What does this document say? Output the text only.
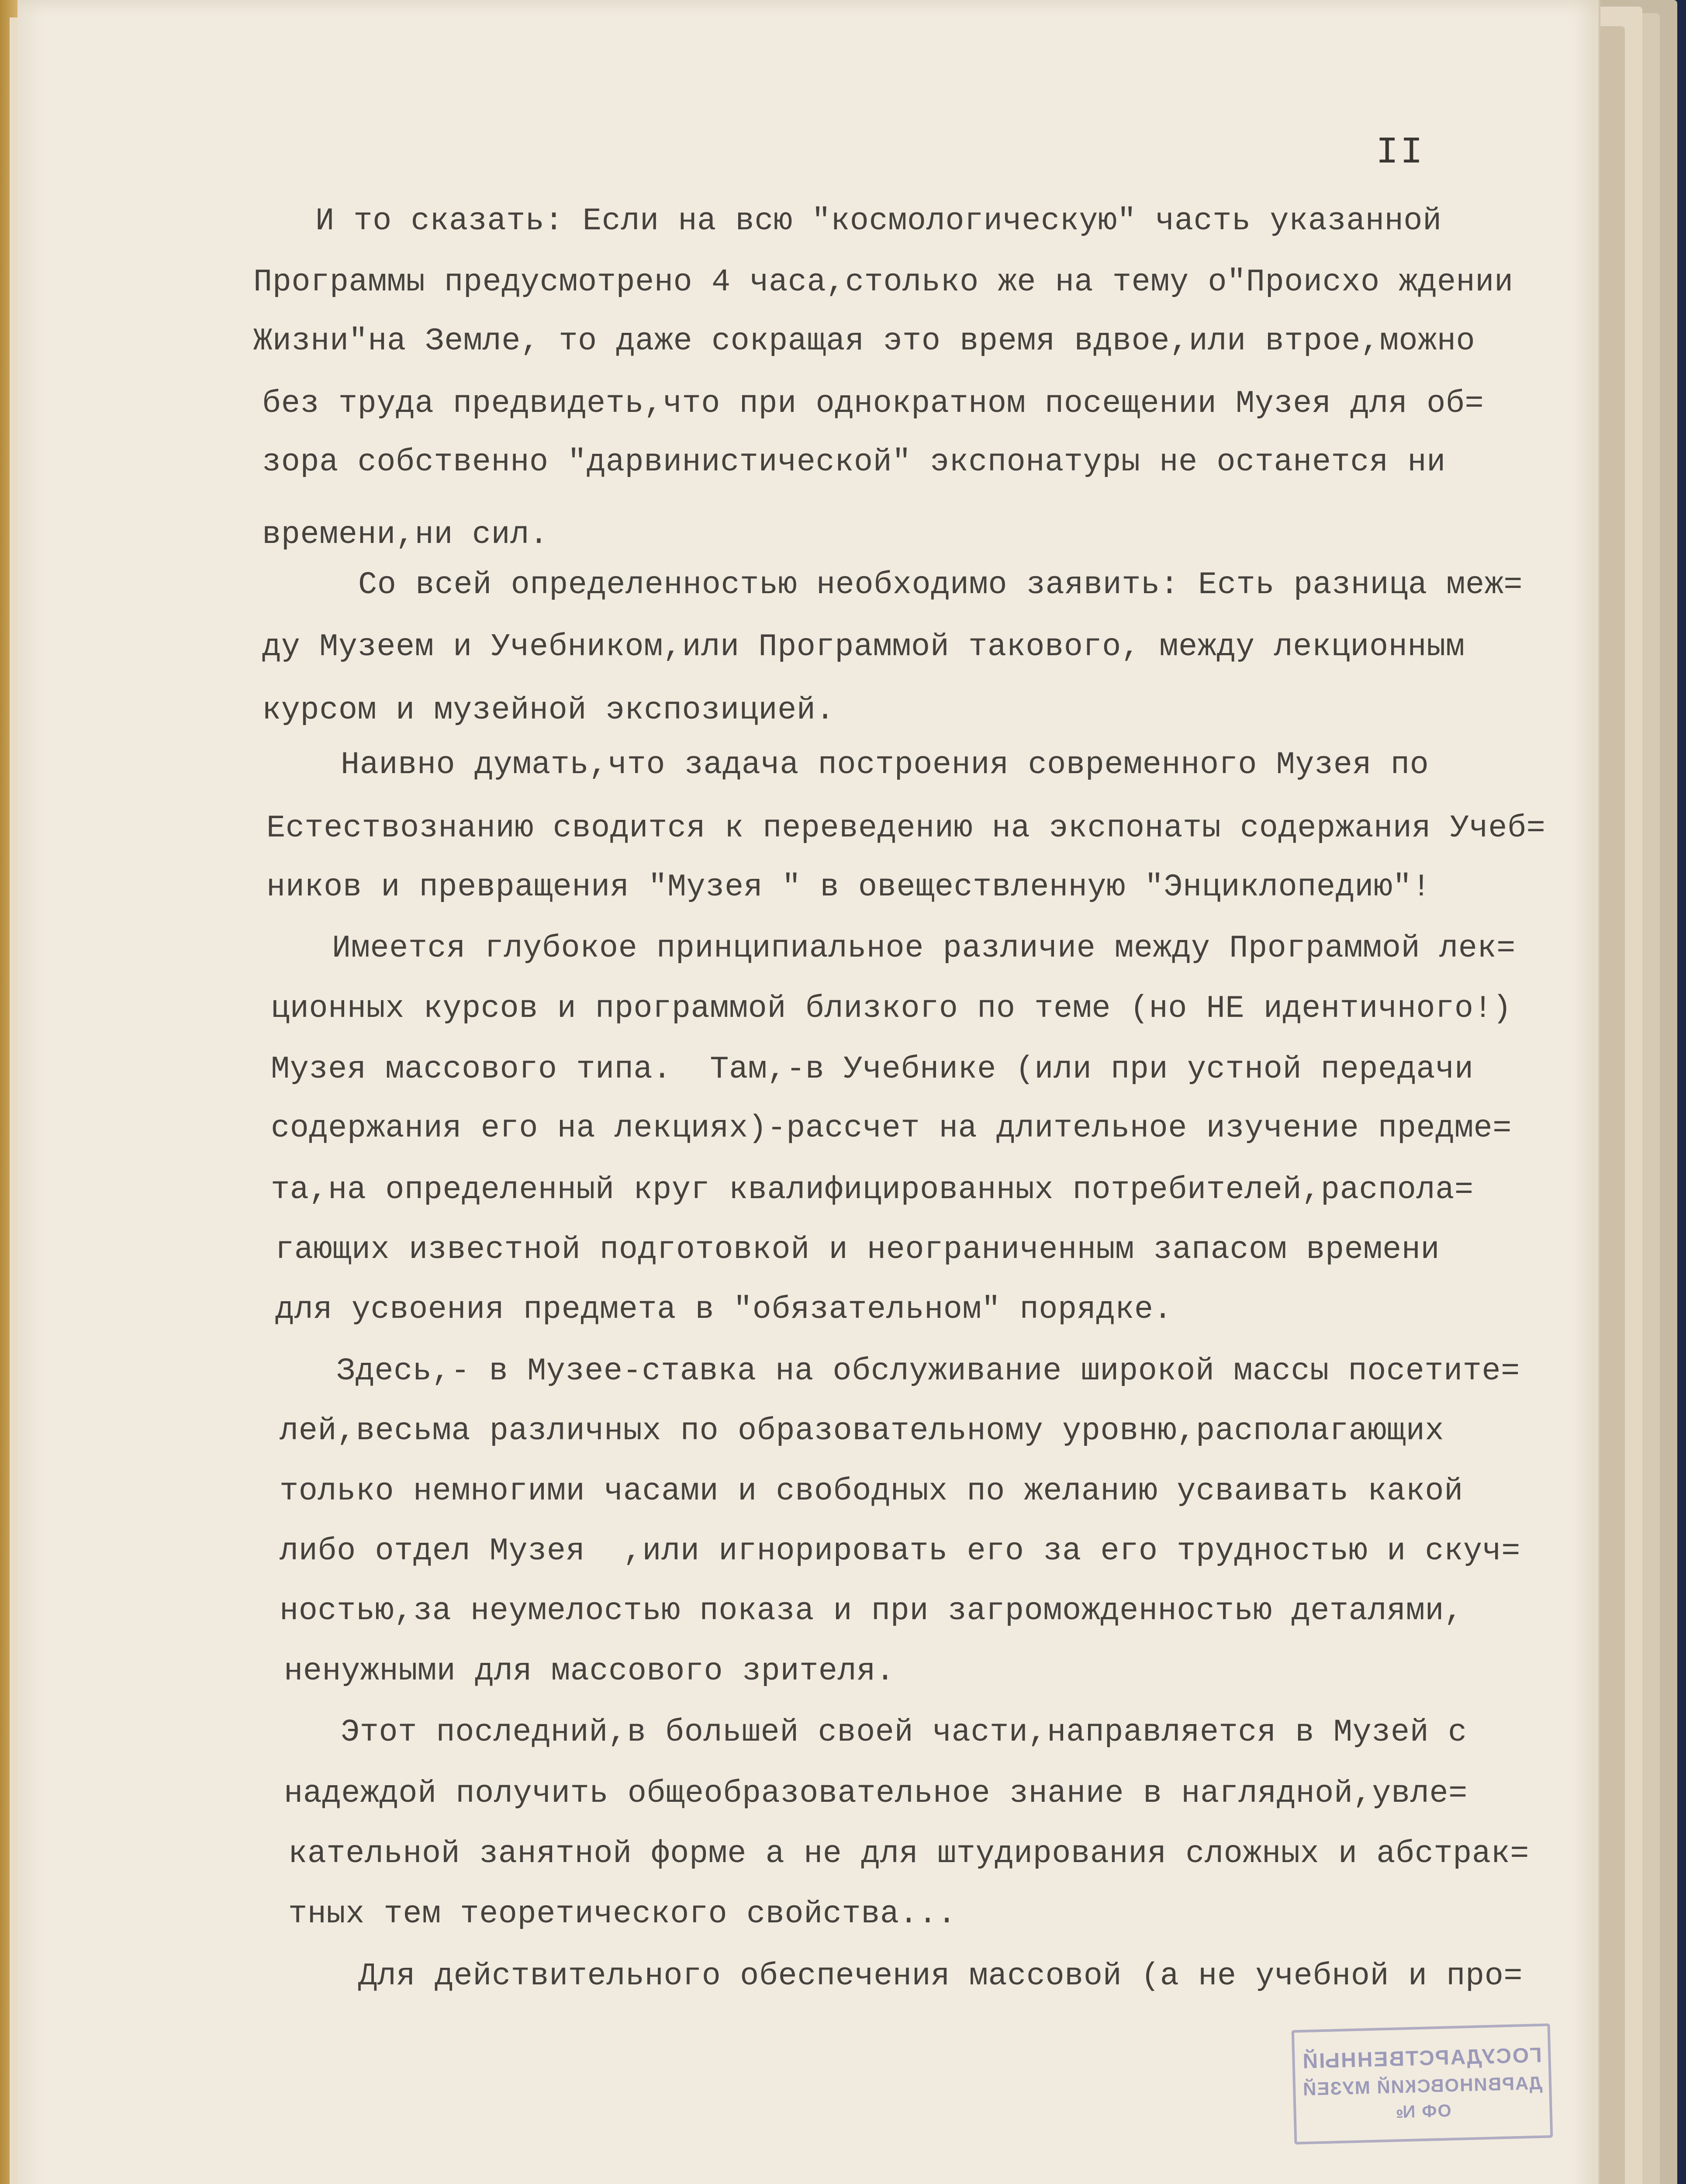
II
И то сказать: Если на всю "космологическую" часть указанной
Программы предусмотрено 4 часа,столько же на тему о"Происхо ждении
Жизни"на Земле, то даже сокращая это время вдвое,или втрое,можно
без труда предвидеть,что при однократном посещении Музея для об=
зора собственно "дарвинистической" экспонатуры не останется ни
времени,ни сил.
Со всей определенностью необходимо заявить: Есть разница меж=
ду Музеем и Учебником,или Программой такового, между лекционным
курсом и музейной экспозицией.
Наивно думать,что задача построения современного Музея по
Естествознанию сводится к переведению на экспонаты содержания Учеб=
ников и превращения "Музея " в овеществленную "Энциклопедию"!
Имеется глубокое принципиальное различие между Программой лек=
ционных курсов и программой близкого по теме (но НЕ идентичного!)
Музея массового типа.  Там,-в Учебнике (или при устной передачи
содержания его на лекциях)-рассчет на длительное изучение предме=
та,на определенный круг квалифицированных потребителей,распола=
гающих известной подготовкой и неограниченным запасом времени
для усвоения предмета в "обязательном" порядке.
Здесь,- в Музее-ставка на обслуживание широкой массы посетите=
лей,весьма различных по образовательному уровню,располагающих
только немногими часами и свободных по желанию усваивать какой
либо отдел Музея  ,или игнорировать его за его трудностью и скуч=
ностью,за неумелостью показа и при загроможденностью деталями,
ненужными для массового зрителя.
Этот последний,в большей своей части,направляется в Музей с
надеждой получить общеобразовательное знание в наглядной,увле=
кательной занятной форме а не для штудирования сложных и абстрак=
тных тем теоретического свойства...
Для действительного обеспечения массовой (а не учебной и про=
ГОСУДАРСТВЕННЫЙ
ДАРВИНОВСКИЙ МУЗЕЙ
ОФ №
